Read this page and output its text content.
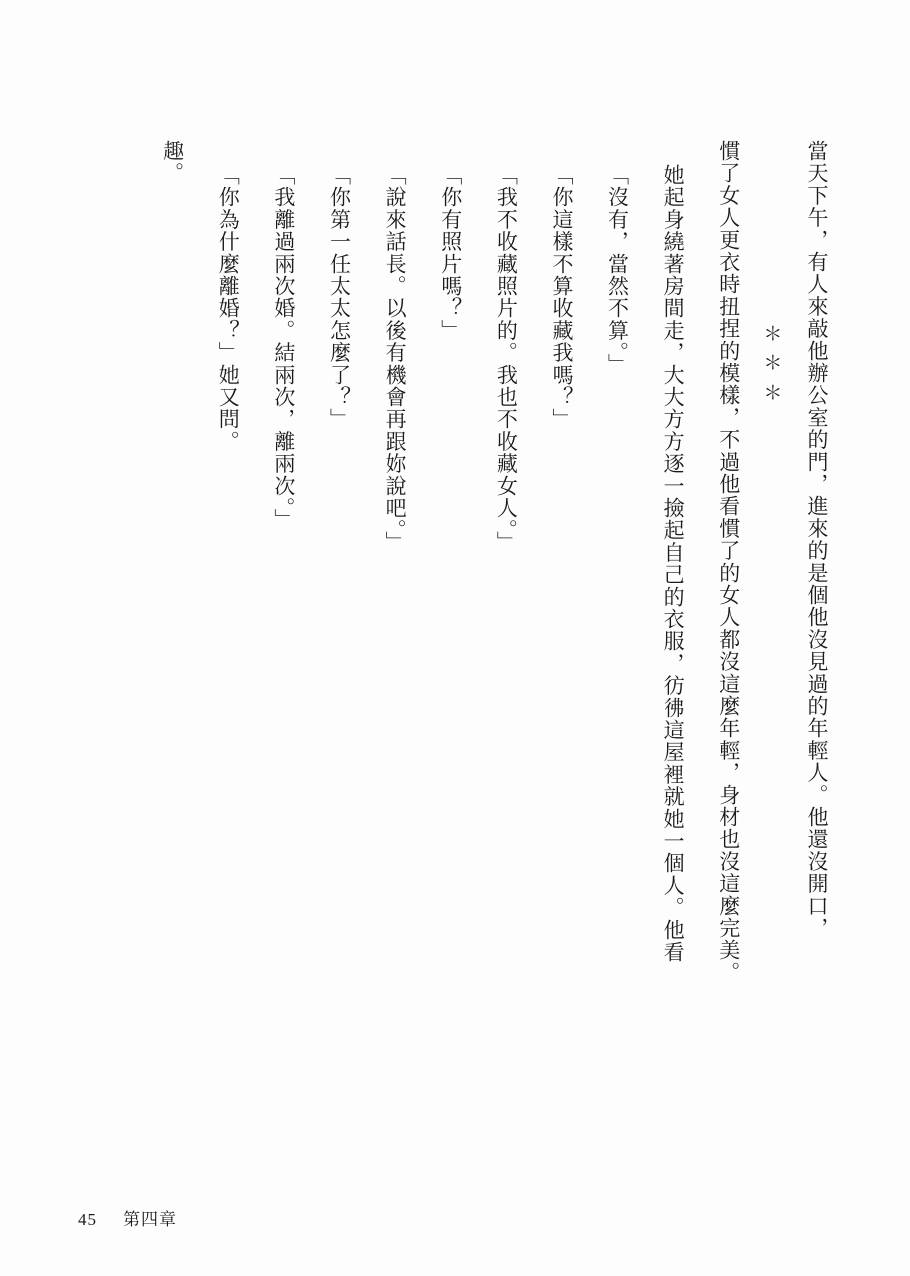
當天下午，有人來敲他辦公室的門，進來的是個他沒見過的年輕人。他還沒開口，

＊
＊
＊

慣了女人更衣時扭捏的模樣，不過他看慣了的女人都沒這麼年輕，身材也沒這麼完美。

她起身繞著房間走，大大方方逐一撿起自己的衣服，彷彿這屋裡就她一個人。他看

「沒有，當然不算。」

「你這樣不算收藏我嗎？」

「我不收藏照片的。我也不收藏女人。」

「你有照片嗎？」

「說來話長。以後有機會再跟妳說吧。」

「你第一任太太怎麼了？」

「我離過兩次婚。結兩次，離兩次。」

「你為什麼離婚？」她又問。

趣。

45 第四章
